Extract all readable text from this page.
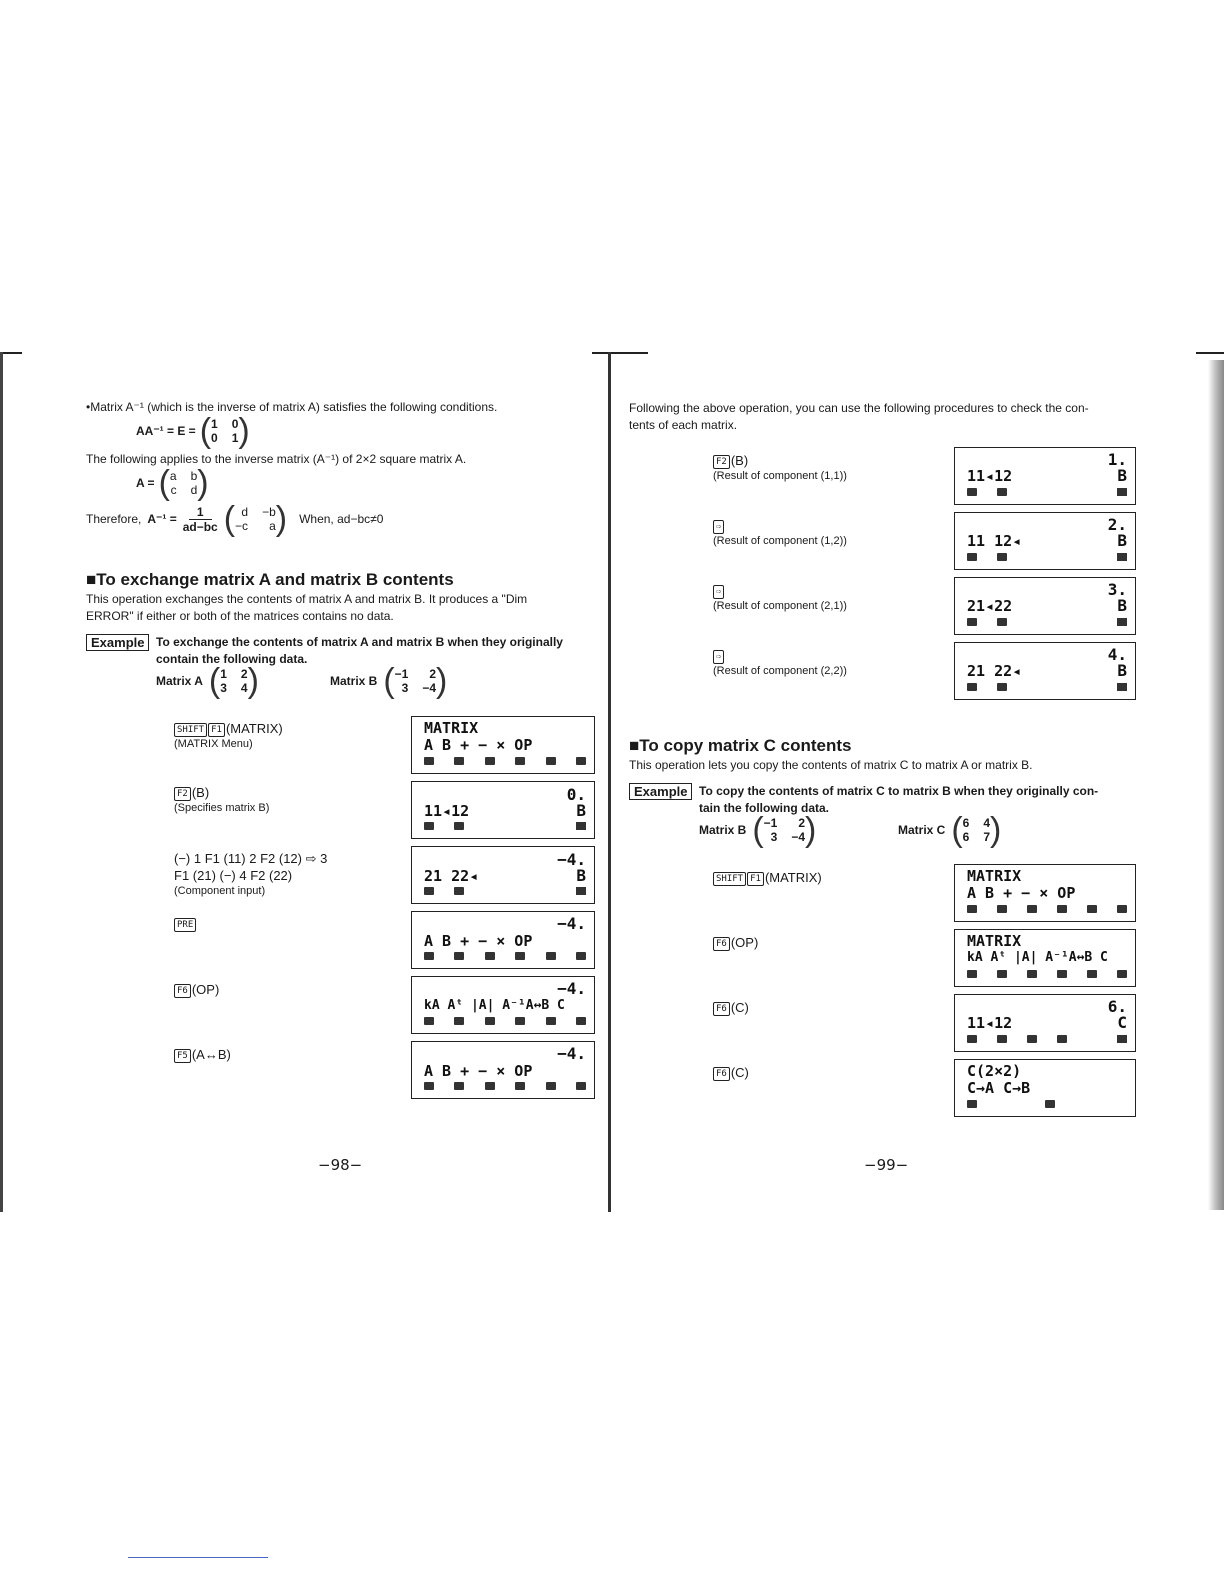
•Matrix A⁻¹ (which is the inverse of matrix A) satisfies the following conditions.
AA⁻¹ = E = ( 1 0
0 1 )
The following applies to the inverse matrix (A⁻¹) of 2×2 square matrix A.
A = ( a b
c d )
Therefore, $A^{-1} = \frac{1}{ad-bc}$ ( d −b
−c	a ) When, ad−bc≠0
■To exchange matrix A and matrix B contents
This operation exchanges the contents of matrix A and matrix B. It produces a "Dim
ERROR" if either or both of the matrices contains no data.
Example To exchange the contents of matrix A and matrix B when they originally
contain the following data.
Matrix A ( 1 2
3 4 )	Matrix B ( −1	2
3 −4 )
SHIFT F1 (MATRIX)
(MATRIX Menu)
F2 (B)
(Specifies matrix B)
(−) 1 F1 (11) 2 F2 (12) ⇨ 3
F1 (21) (−) 4 F2 (22)
(Component input)
PRE
F6 (OP)
F5 (A↔B)
MATRIX
A B + − × OP
0.
11◂12	B
−4.
21 22◂	B
−4.
A B + − × OP
−4.
kA Aᵗ |A| A⁻¹A↔B C
−4.
A B + − × OP
−98−
Following the above operation, you can use the following procedures to check the con-
tents of each matrix.
F2 (B)
(Result of component (1,1))
⇨
(Result of component (1,2))
⇨
(Result of component (2,1))
⇨
(Result of component (2,2))
1.
11◂12	B
2.
11 12◂	B
3.
21◂22	B
4.
21 22◂	B
■To copy matrix C contents
This operation lets you copy the contents of matrix C to matrix A or matrix B.
Example To copy the contents of matrix C to matrix B when they originally con-
tain the following data.
Matrix B ( −1	2
3 −4 )	Matrix C ( 6 4
6 7 )
SHIFT F1 (MATRIX)
F6 (OP)
F6 (C)
F6 (C)
MATRIX
A B + − × OP
MATRIX
kA Aᵗ |A| A⁻¹A↔B C
6.
11◂12	C
C(2×2)
C→A C→B
−99−
